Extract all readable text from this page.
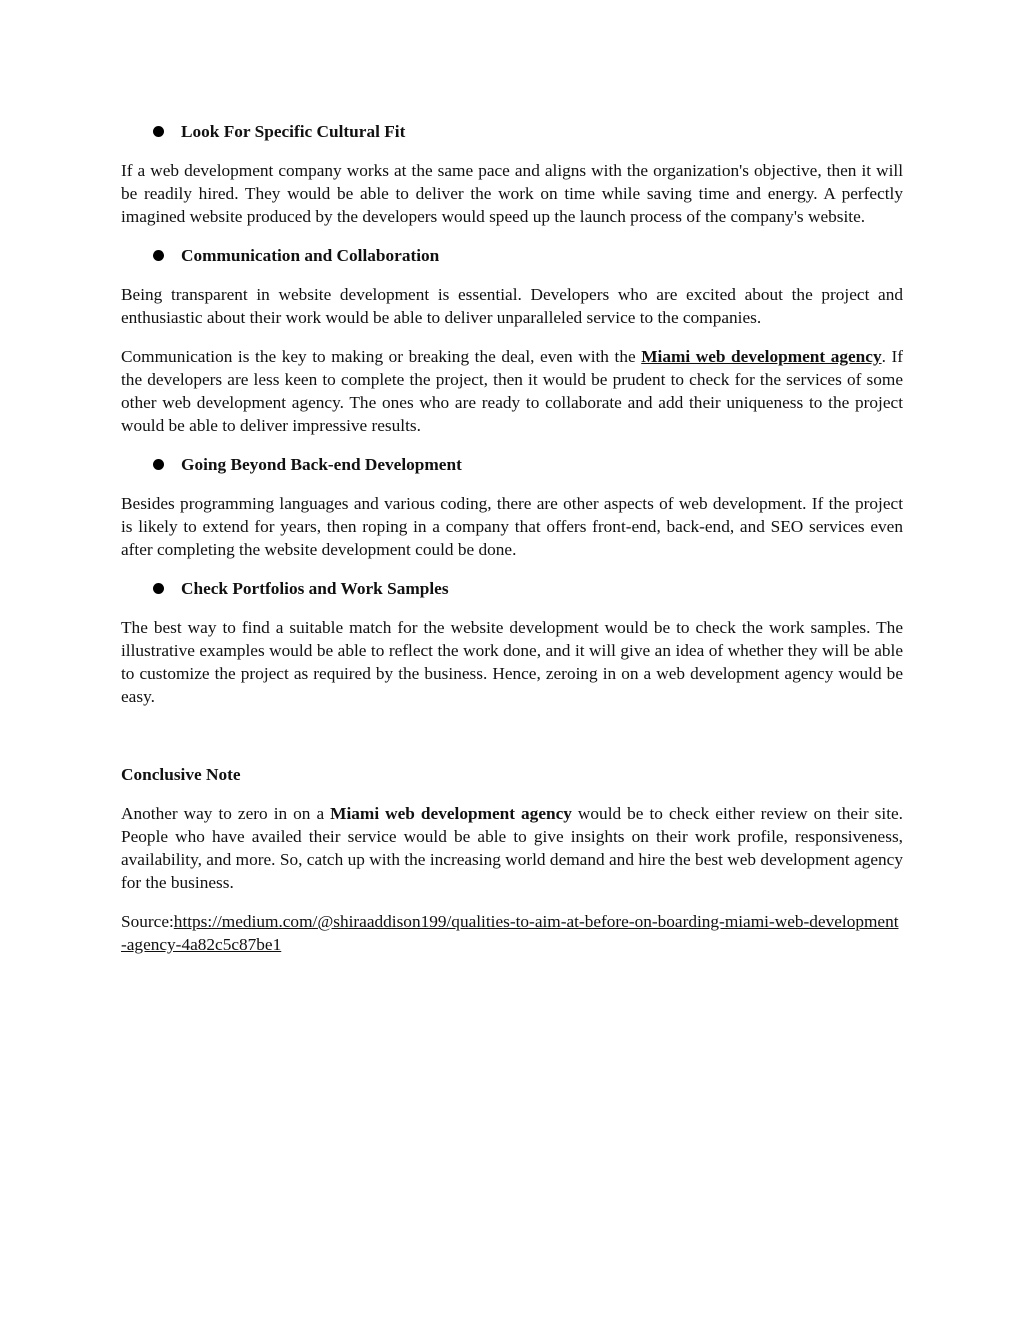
Look For Specific Cultural Fit

If a web development company works at the same pace and aligns with the organization's objective, then it will be readily hired. They would be able to deliver the work on time while saving time and energy. A perfectly imagined website produced by the developers would speed up the launch process of the company's website.

Communication and Collaboration

Being transparent in website development is essential. Developers who are excited about the project and enthusiastic about their work would be able to deliver unparalleled service to the companies.

Communication is the key to making or breaking the deal, even with the Miami web development agency. If the developers are less keen to complete the project, then it would be prudent to check for the services of some other web development agency. The ones who are ready to collaborate and add their uniqueness to the project would be able to deliver impressive results.

Going Beyond Back-end Development

Besides programming languages and various coding, there are other aspects of web development. If the project is likely to extend for years, then roping in a company that offers front-end, back-end, and SEO services even after completing the website development could be done.

Check Portfolios and Work Samples

The best way to find a suitable match for the website development would be to check the work samples. The illustrative examples would be able to reflect the work done, and it will give an idea of whether they will be able to customize the project as required by the business. Hence, zeroing in on a web development agency would be easy.

Conclusive Note

Another way to zero in on a Miami web development agency would be to check either review on their site. People who have availed their service would be able to give insights on their work profile, responsiveness, availability, and more. So, catch up with the increasing world demand and hire the best web development agency for the business.

Source:https://medium.com/@shiraaddison199/qualities-to-aim-at-before-on-boarding-miami-web-development-agency-4a82c5c87be1
